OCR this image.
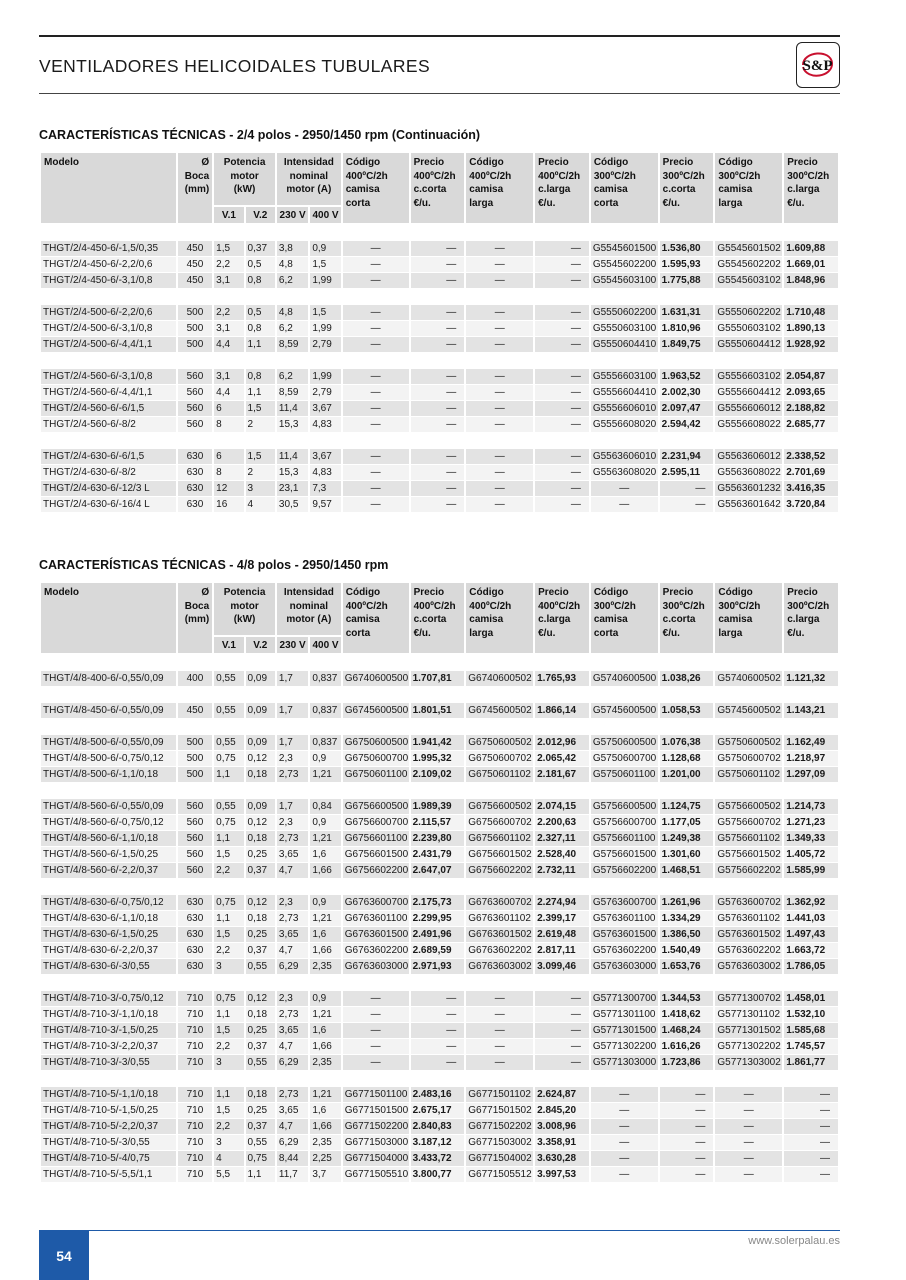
VENTILADORES HELICOIDALES TUBULARES	S&P
CARACTERÍSTICAS TÉCNICAS - 2/4 polos - 2950/1450 rpm (Continuación)
Modelo	Ø
Boca
(mm)	Potencia
motor
(kW)		Intensidad
nominal
motor (A)		Código
400ºC/2h
camisa
corta	Precio
400ºC/2h
c.corta
€/u.	Código
400ºC/2h
camisa
larga	Precio
400ºC/2h
c.larga
€/u.	Código
300ºC/2h
camisa
corta	Precio
300ºC/2h
c.corta
€/u.	Código
300ºC/2h
camisa
larga	Precio
300ºC/2h
c.larga
€/u.
		V.1	V.2	230 V	400 V								

THGT/2/4-450-6/-1,5/0,35	450	1,5	0,37	3,8	0,9	—	—	—	—	G5545601500	1.536,80	G5545601502	1.609,88
THGT/2/4-450-6/-2,2/0,6	450	2,2	0,5	4,8	1,5	—	—	—	—	G5545602200	1.595,93	G5545602202	1.669,01
THGT/2/4-450-6/-3,1/0,8	450	3,1	0,8	6,2	1,99	—	—	—	—	G5545603100	1.775,88	G5545603102	1.848,96

THGT/2/4-500-6/-2,2/0,6	500	2,2	0,5	4,8	1,5	—	—	—	—	G5550602200	1.631,31	G5550602202	1.710,48
THGT/2/4-500-6/-3,1/0,8	500	3,1	0,8	6,2	1,99	—	—	—	—	G5550603100	1.810,96	G5550603102	1.890,13
THGT/2/4-500-6/-4,4/1,1	500	4,4	1,1	8,59	2,79	—	—	—	—	G5550604410	1.849,75	G5550604412	1.928,92

THGT/2/4-560-6/-3,1/0,8	560	3,1	0,8	6,2	1,99	—	—	—	—	G5556603100	1.963,52	G5556603102	2.054,87
THGT/2/4-560-6/-4,4/1,1	560	4,4	1,1	8,59	2,79	—	—	—	—	G5556604410	2.002,30	G5556604412	2.093,65
THGT/2/4-560-6/-6/1,5	560	6	1,5	11,4	3,67	—	—	—	—	G5556606010	2.097,47	G5556606012	2.188,82
THGT/2/4-560-6/-8/2	560	8	2	15,3	4,83	—	—	—	—	G5556608020	2.594,42	G5556608022	2.685,77

THGT/2/4-630-6/-6/1,5	630	6	1,5	11,4	3,67	—	—	—	—	G5563606010	2.231,94	G5563606012	2.338,52
THGT/2/4-630-6/-8/2	630	8	2	15,3	4,83	—	—	—	—	G5563608020	2.595,11	G5563608022	2.701,69
THGT/2/4-630-6/-12/3 L	630	12	3	23,1	7,3	—	—	—	—	—	—	G5563601232	3.416,35
THGT/2/4-630-6/-16/4 L	630	16	4	30,5	9,57	—	—	—	—	—	—	G5563601642	3.720,84
CARACTERÍSTICAS TÉCNICAS - 4/8 polos - 2950/1450 rpm
Modelo	Ø
Boca
(mm)	Potencia
motor
(kW)		Intensidad
nominal
motor (A)		Código
400ºC/2h
camisa
corta	Precio
400ºC/2h
c.corta
€/u.	Código
400ºC/2h
camisa
larga	Precio
400ºC/2h
c.larga
€/u.	Código
300ºC/2h
camisa
corta	Precio
300ºC/2h
c.corta
€/u.	Código
300ºC/2h
camisa
larga	Precio
300ºC/2h
c.larga
€/u.
		V.1	V.2	230 V	400 V								

THGT/4/8-400-6/-0,55/0,09	400	0,55	0,09	1,7	0,837	G6740600500	1.707,81	G6740600502	1.765,93	G5740600500	1.038,26	G5740600502	1.121,32

THGT/4/8-450-6/-0,55/0,09	450	0,55	0,09	1,7	0,837	G6745600500	1.801,51	G6745600502	1.866,14	G5745600500	1.058,53	G5745600502	1.143,21

THGT/4/8-500-6/-0,55/0,09	500	0,55	0,09	1,7	0,837	G6750600500	1.941,42	G6750600502	2.012,96	G5750600500	1.076,38	G5750600502	1.162,49
THGT/4/8-500-6/-0,75/0,12	500	0,75	0,12	2,3	0,9	G6750600700	1.995,32	G6750600702	2.065,42	G5750600700	1.128,68	G5750600702	1.218,97
THGT/4/8-500-6/-1,1/0,18	500	1,1	0,18	2,73	1,21	G6750601100	2.109,02	G6750601102	2.181,67	G5750601100	1.201,00	G5750601102	1.297,09

THGT/4/8-560-6/-0,55/0,09	560	0,55	0,09	1,7	0,84	G6756600500	1.989,39	G6756600502	2.074,15	G5756600500	1.124,75	G5756600502	1.214,73
THGT/4/8-560-6/-0,75/0,12	560	0,75	0,12	2,3	0,9	G6756600700	2.115,57	G6756600702	2.200,63	G5756600700	1.177,05	G5756600702	1.271,23
THGT/4/8-560-6/-1,1/0,18	560	1,1	0,18	2,73	1,21	G6756601100	2.239,80	G6756601102	2.327,11	G5756601100	1.249,38	G5756601102	1.349,33
THGT/4/8-560-6/-1,5/0,25	560	1,5	0,25	3,65	1,6	G6756601500	2.431,79	G6756601502	2.528,40	G5756601500	1.301,60	G5756601502	1.405,72
THGT/4/8-560-6/-2,2/0,37	560	2,2	0,37	4,7	1,66	G6756602200	2.647,07	G6756602202	2.732,11	G5756602200	1.468,51	G5756602202	1.585,99

THGT/4/8-630-6/-0,75/0,12	630	0,75	0,12	2,3	0,9	G6763600700	2.175,73	G6763600702	2.274,94	G5763600700	1.261,96	G5763600702	1.362,92
THGT/4/8-630-6/-1,1/0,18	630	1,1	0,18	2,73	1,21	G6763601100	2.299,95	G6763601102	2.399,17	G5763601100	1.334,29	G5763601102	1.441,03
THGT/4/8-630-6/-1,5/0,25	630	1,5	0,25	3,65	1,6	G6763601500	2.491,96	G6763601502	2.619,48	G5763601500	1.386,50	G5763601502	1.497,43
THGT/4/8-630-6/-2,2/0,37	630	2,2	0,37	4,7	1,66	G6763602200	2.689,59	G6763602202	2.817,11	G5763602200	1.540,49	G5763602202	1.663,72
THGT/4/8-630-6/-3/0,55	630	3	0,55	6,29	2,35	G6763603000	2.971,93	G6763603002	3.099,46	G5763603000	1.653,76	G5763603002	1.786,05

THGT/4/8-710-3/-0,75/0,12	710	0,75	0,12	2,3	0,9	—	—	—	—	G5771300700	1.344,53	G5771300702	1.458,01
THGT/4/8-710-3/-1,1/0,18	710	1,1	0,18	2,73	1,21	—	—	—	—	G5771301100	1.418,62	G5771301102	1.532,10
THGT/4/8-710-3/-1,5/0,25	710	1,5	0,25	3,65	1,6	—	—	—	—	G5771301500	1.468,24	G5771301502	1.585,68
THGT/4/8-710-3/-2,2/0,37	710	2,2	0,37	4,7	1,66	—	—	—	—	G5771302200	1.616,26	G5771302202	1.745,57
THGT/4/8-710-3/-3/0,55	710	3	0,55	6,29	2,35	—	—	—	—	G5771303000	1.723,86	G5771303002	1.861,77

THGT/4/8-710-5/-1,1/0,18	710	1,1	0,18	2,73	1,21	G6771501100	2.483,16	G6771501102	2.624,87	—	—	—	—
THGT/4/8-710-5/-1,5/0,25	710	1,5	0,25	3,65	1,6	G6771501500	2.675,17	G6771501502	2.845,20	—	—	—	—
THGT/4/8-710-5/-2,2/0,37	710	2,2	0,37	4,7	1,66	G6771502200	2.840,83	G6771502202	3.008,96	—	—	—	—
THGT/4/8-710-5/-3/0,55	710	3	0,55	6,29	2,35	G6771503000	3.187,12	G6771503002	3.358,91	—	—	—	—
THGT/4/8-710-5/-4/0,75	710	4	0,75	8,44	2,25	G6771504000	3.433,72	G6771504002	3.630,28	—	—	—	—
THGT/4/8-710-5/-5,5/1,1	710	5,5	1,1	11,7	3,7	G6771505510	3.800,77	G6771505512	3.997,53	—	—	—	—
54
www.solerpalau.es
